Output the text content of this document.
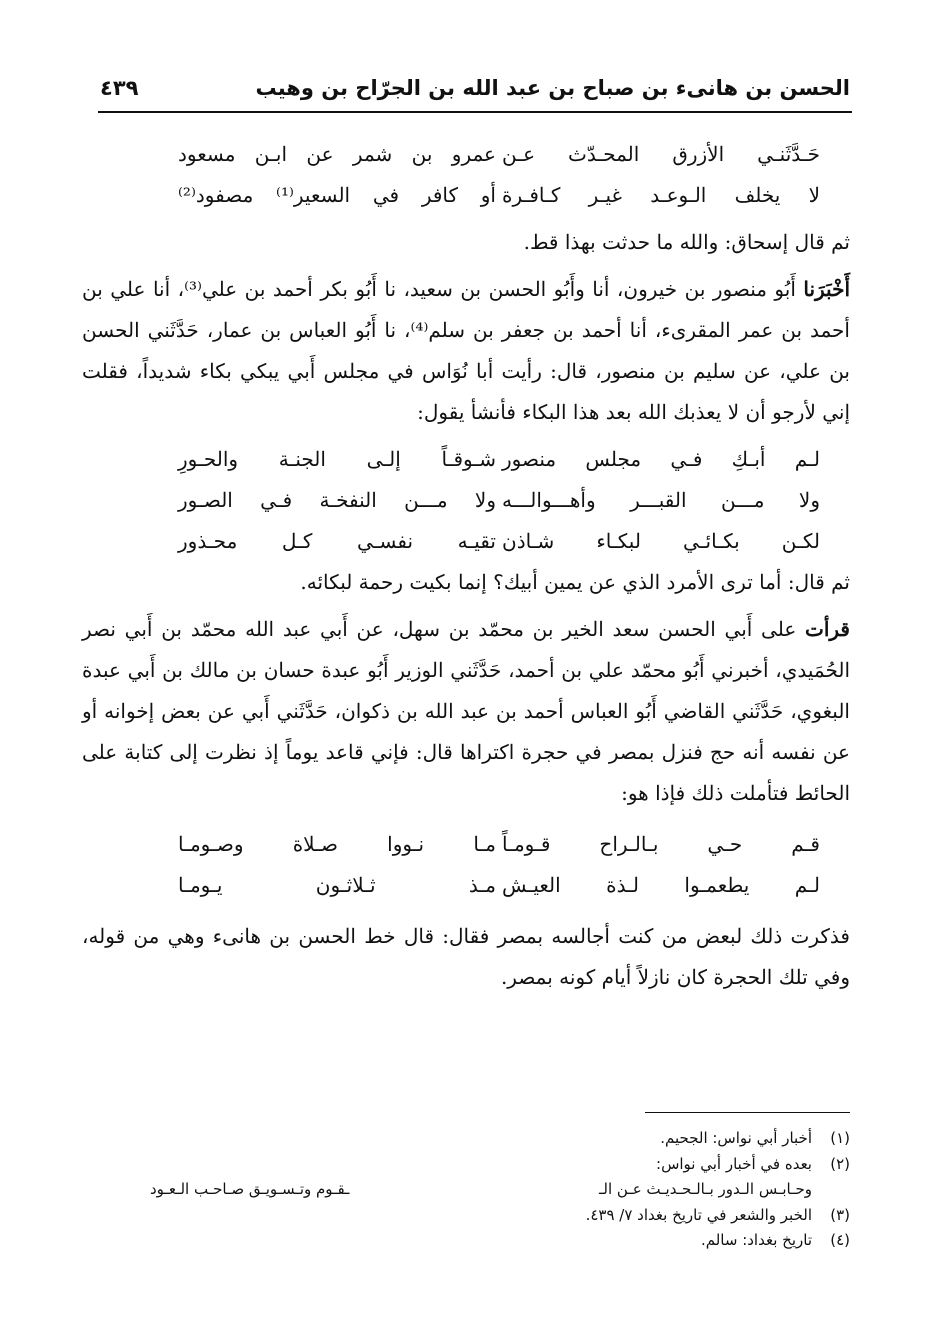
الحسن بن هانىء بن صباح بن عبد الله بن الجرّاح بن وهيب
٤٣٩
حَـدَّثَنـي الأزرق المحـدّث عـن
عمرو بن شمر عن ابـن مسعود
لا يخلف الـوعـد غيـر كـافـرة
أو كافر في السعير⁽¹⁾ مصفود⁽²⁾

ثم قال إسحاق: والله ما حدثت بهذا قط.

أَخْبَرَنا أَبُو منصور بن خيرون، أنا وأَبُو الحسن بن سعيد، نا أَبُو بكر أحمد بن علي⁽³⁾، أنا علي بن أحمد بن عمر المقرىء، أنا أحمد بن جعفر بن سلم⁽⁴⁾، نا أَبُو العباس بن عمار، حَدَّثَني الحسن بن علي، عن سليم بن منصور، قال: رأيت أبا نُوَاس في مجلس أَبي يبكي بكاء شديداً، فقلت إني لأرجو أن لا يعذبك الله بعد هذا البكاء فأنشأ يقول:

لـم أبـكِ فـي مجلس منصور
شـوقـاً إلـى الجنـة والحـورِ
ولا مـــن القبـــر وأهـــوالـــه
ولا مـــن النفخـة فـي الصـور
لكـن بكـائـي لبكـاء شـاذن
تقيـه نفسـي كـل محـذور

ثم قال: أما ترى الأمرد الذي عن يمين أبيك؟ إنما بكيت رحمة لبكائه.

قرأت على أَبي الحسن سعد الخير بن محمّد بن سهل، عن أَبي عبد الله محمّد بن أَبي نصر الحُمَيدي، أخبرني أَبُو محمّد علي بن أحمد، حَدَّثَني الوزير أَبُو عبدة حسان بن مالك بن أَبي عبدة البغوي، حَدَّثَني القاضي أَبُو العباس أحمد بن عبد الله بن ذكوان، حَدَّثَني أَبي عن بعض إخوانه أو عن نفسه أنه حج فنزل بمصر في حجرة اكتراها قال: فإني قاعد يوماً إذ نظرت إلى كتابة على الحائط فتأملت ذلك فإذا هو:

قـم حـي بـالـراح قـومـاً
مـا نـووا صـلاة وصـومـا
لـم يطعمـوا لـذة العيـش
مـذ ثـلاثـون يـومـا

فذكرت ذلك لبعض من كنت أجالسه بمصر فقال: قال خط الحسن بن هانىء وهي من قوله، وفي تلك الحجرة كان نازلاً أيام كونه بمصر.

(١)أخبار أبي نواس: الجحيم.

(٢)بعده في أخبار أبي نواس:

وحـابـس الـدور بـالـحـديـث عـن الـ
ـقـوم وتـسـويـق صـاحـب الـعـود

(٣)الخبر والشعر في تاريخ بغداد ٧/ ٤٣٩.

(٤)تاريخ بغداد: سالم.
